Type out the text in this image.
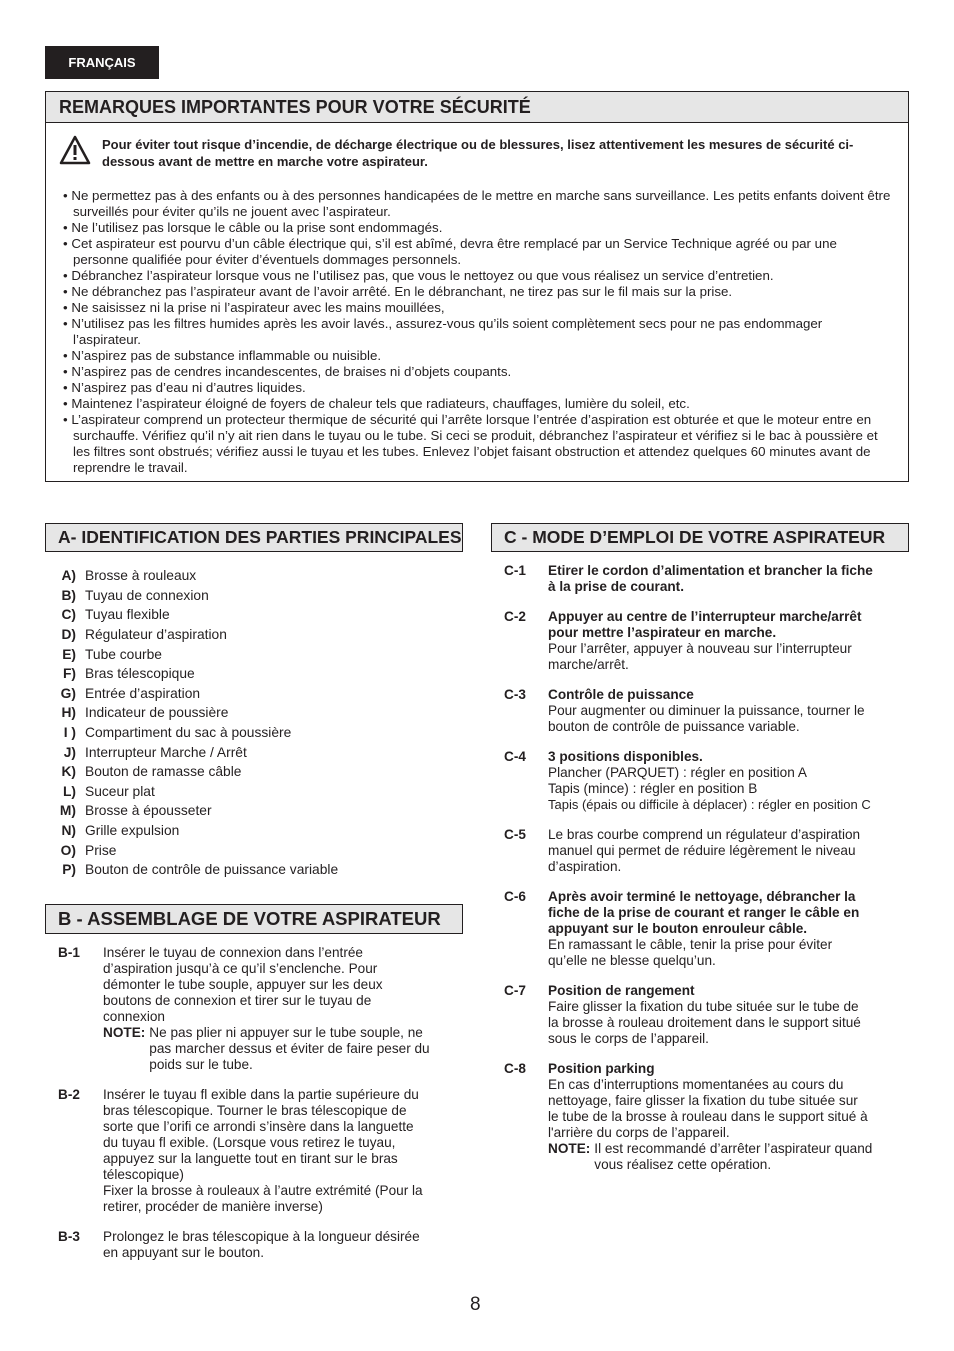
FRANÇAIS
REMARQUES IMPORTANTES POUR VOTRE SÉCURITÉ
Pour éviter tout risque d’incendie, de décharge électrique ou de blessures, lisez attentivement les mesures de sécurité ci-dessous avant de mettre en marche votre aspirateur.
• Ne permettez pas à des enfants ou à des personnes handicapées de le mettre en marche sans surveillance. Les petits enfants doivent être surveillés pour éviter qu’ils ne jouent avec l’aspirateur.
• Ne l’utilisez pas lorsque le câble ou la prise sont endommagés.
• Cet aspirateur est pourvu d’un câble électrique qui, s’il est abîmé, devra être remplacé par un Service Technique agréé ou par une personne qualifiée pour éviter d’éventuels dommages personnels.
• Débranchez l’aspirateur lorsque vous ne l’utilisez pas, que vous le nettoyez ou que vous réalisez un service d’entretien.
• Ne débranchez pas l’aspirateur avant de l’avoir arrêté. En le débranchant, ne tirez pas sur le fil mais sur la prise.
• Ne saisissez ni la prise ni l’aspirateur avec les mains mouillées,
• N’utilisez pas les filtres humides après les avoir lavés., assurez-vous qu’ils soient complètement secs pour ne pas endommager l’aspirateur.
• N’aspirez pas de substance inflammable ou nuisible.
• N’aspirez pas de cendres incandescentes, de braises ni d’objets coupants.
• N’aspirez pas d’eau ni d’autres liquides.
• Maintenez l’aspirateur éloigné de foyers de chaleur tels que radiateurs, chauffages, lumière du soleil, etc.
• L’aspirateur comprend un protecteur thermique de sécurité qui l’arrête lorsque l’entrée d’aspiration est obturée et que le moteur entre en surchauffe. Vérifiez qu’il n’y ait rien dans le tuyau ou le tube. Si ceci se produit, débranchez l’aspirateur et vérifiez si le bac à poussière et les filtres sont obstrués; vérifiez aussi le tuyau et les tubes. Enlevez l’objet faisant obstruction et attendez quelques 60 minutes avant de reprendre le travail.
A- IDENTIFICATION DES PARTIES PRINCIPALES
A) Brosse à rouleaux
B) Tuyau de connexion
C) Tuyau flexible
D) Régulateur d’aspiration
E) Tube courbe
F) Bras télescopique
G) Entrée d’aspiration
H) Indicateur de poussière
I ) Compartiment du sac à poussière
J) Interrupteur Marche / Arrêt
K) Bouton de ramasse câble
L) Suceur plat
M) Brosse à épousseter
N) Grille expulsion
O) Prise
P) Bouton de contrôle de puissance variable
B - ASSEMBLAGE DE VOTRE ASPIRATEUR
B-1	Insérer le tuyau de connexion dans l’entrée
d’aspiration jusqu’à ce qu’il s’enclenche. Pour
démonter le tube souple, appuyer sur les deux
boutons de connexion et tirer sur le tuyau de
connexion
NOTE: Ne pas plier ni appuyer sur le tube souple, ne
pas marcher dessus et éviter de faire peser du
poids sur le tube.
B-2	Insérer le tuyau fl exible dans la partie supérieure du
bras télescopique. Tourner le bras télescopique de
sorte que l’orifi ce arrondi s’insère dans la languette
du tuyau fl exible. (Lorsque vous retirez le tuyau,
appuyez sur la languette tout en tirant sur le bras
télescopique)
Fixer la brosse à rouleaux à l’autre extrémité (Pour la
retirer, procéder de manière inverse)
B-3	Prolongez le bras télescopique à la longueur désirée
en appuyant sur le bouton.
C - MODE D’EMPLOI DE VOTRE ASPIRATEUR
C-1	Etirer le cordon d’alimentation et brancher la fiche
à la prise de courant.
C-2	Appuyer au centre de l’interrupteur marche/arrêt
pour mettre l’aspirateur en marche.
Pour l’arrêter, appuyer à nouveau sur l’interrupteur
marche/arrêt.
C-3	Contrôle de puissance
Pour augmenter ou diminuer la puissance, tourner le
bouton de contrôle de puissance variable.
C-4	3 positions disponibles.
Plancher (PARQUET) : régler en position A
Tapis (mince) : régler en position B
Tapis (épais ou difficile à déplacer) : régler en position C
C-5	Le bras courbe comprend un régulateur d’aspiration
manuel qui permet de réduire légèrement le niveau
d’aspiration.
C-6	Après avoir terminé le nettoyage, débrancher la
fiche de la prise de courant et ranger le câble en
appuyant sur le bouton enrouleur câble.
En ramassant le câble, tenir la prise pour éviter
qu’elle ne blesse quelqu’un.
C-7	Position de rangement
Faire glisser la fixation du tube située sur le tube de
la brosse à rouleau droitement dans le support situé
sous le corps de l’appareil.
C-8	Position parking
En cas d’interruptions momentanées au cours du
nettoyage, faire glisser la fixation du tube située sur
le tube de la brosse à rouleau dans le support situé à
l'arrière du corps de l’appareil.
NOTE: Il est recommandé d’arrêter l’aspirateur quand
vous réalisez cette opération.
8
